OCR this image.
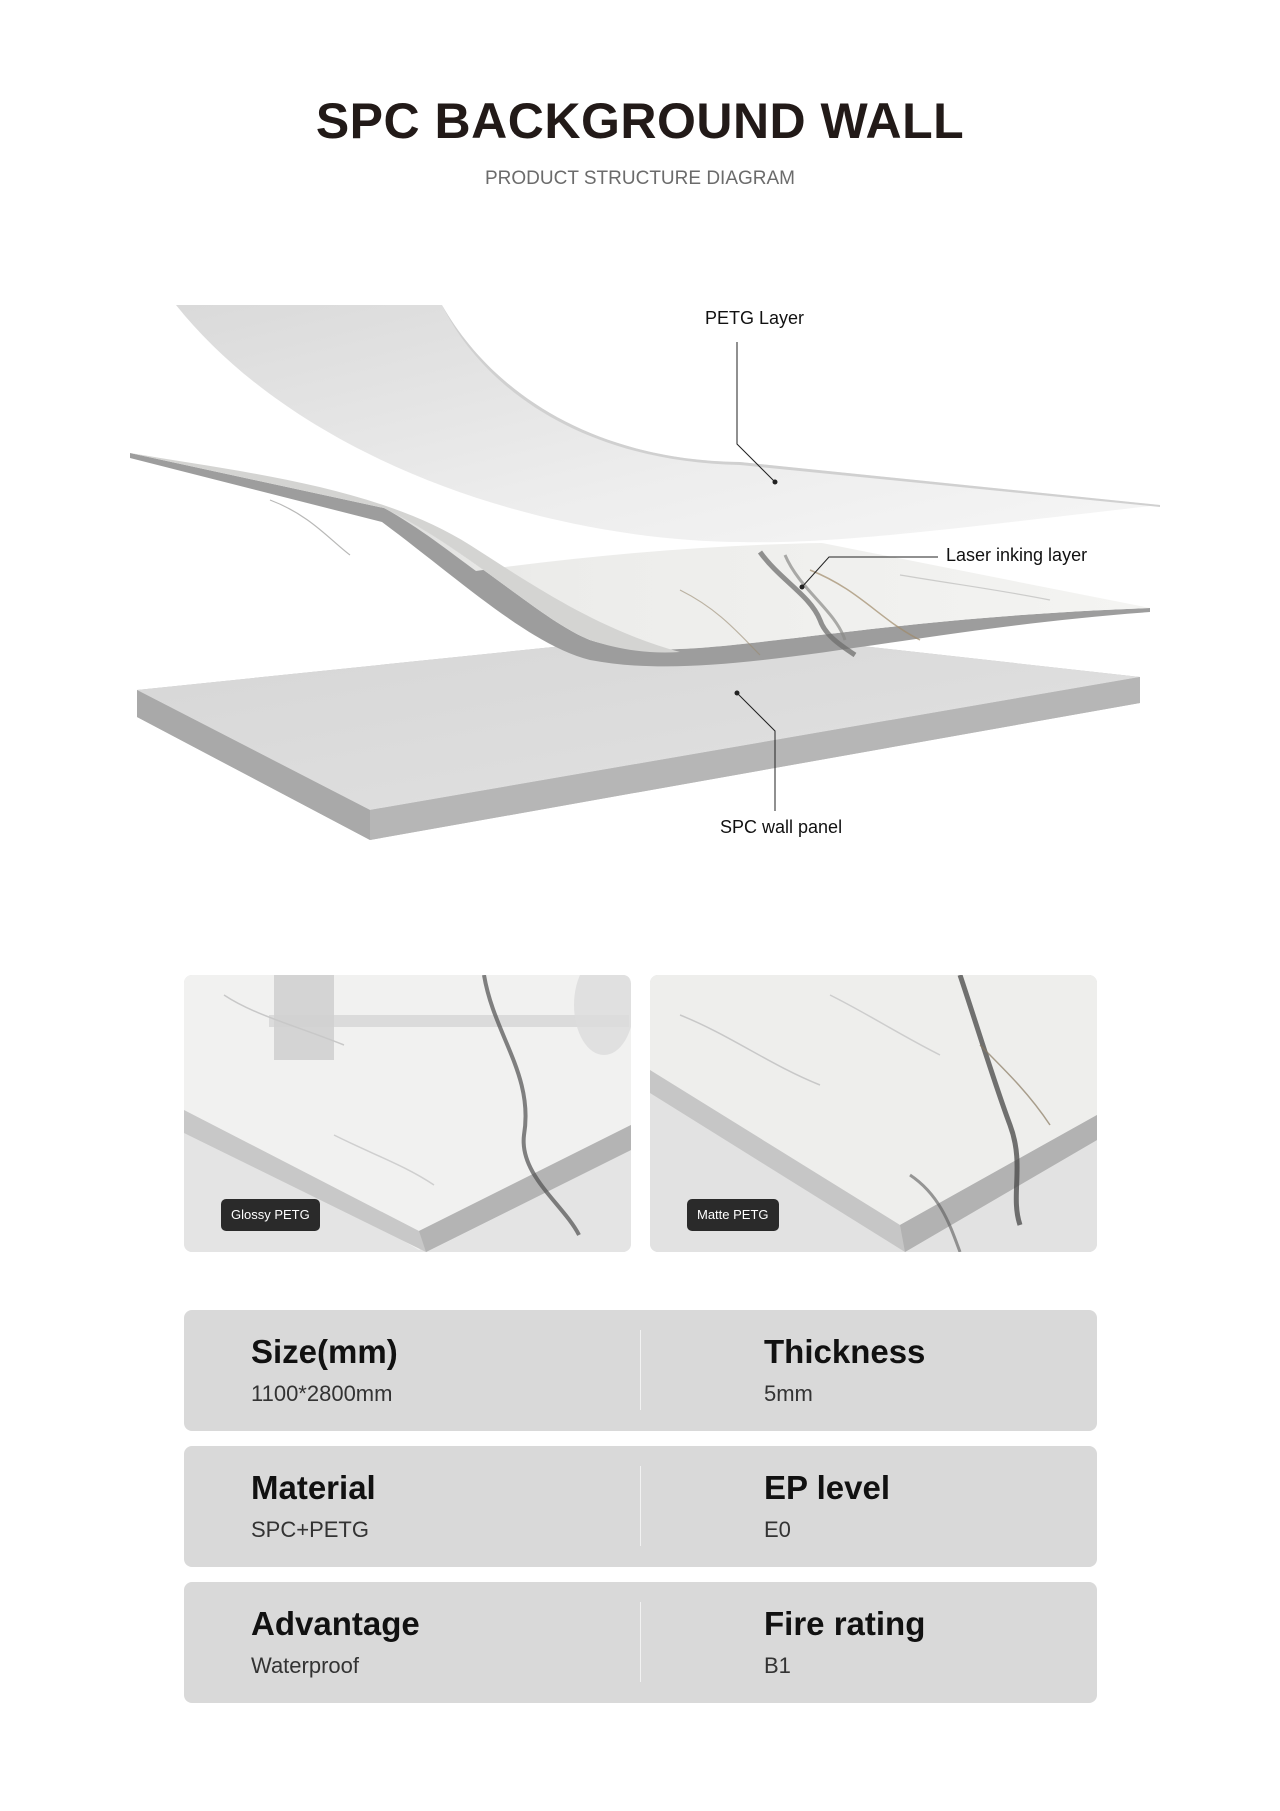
SPC BACKGROUND WALL

PRODUCT STRUCTURE DIAGRAM

PETG Layer
Laser inking layer
SPC wall panel
Glossy PETG	Matte PETG
Size(mm)
1100*2800mm
Thickness
5mm
Material
SPC+PETG
EP level
E0
Advantage
Waterproof
Fire rating
B1
